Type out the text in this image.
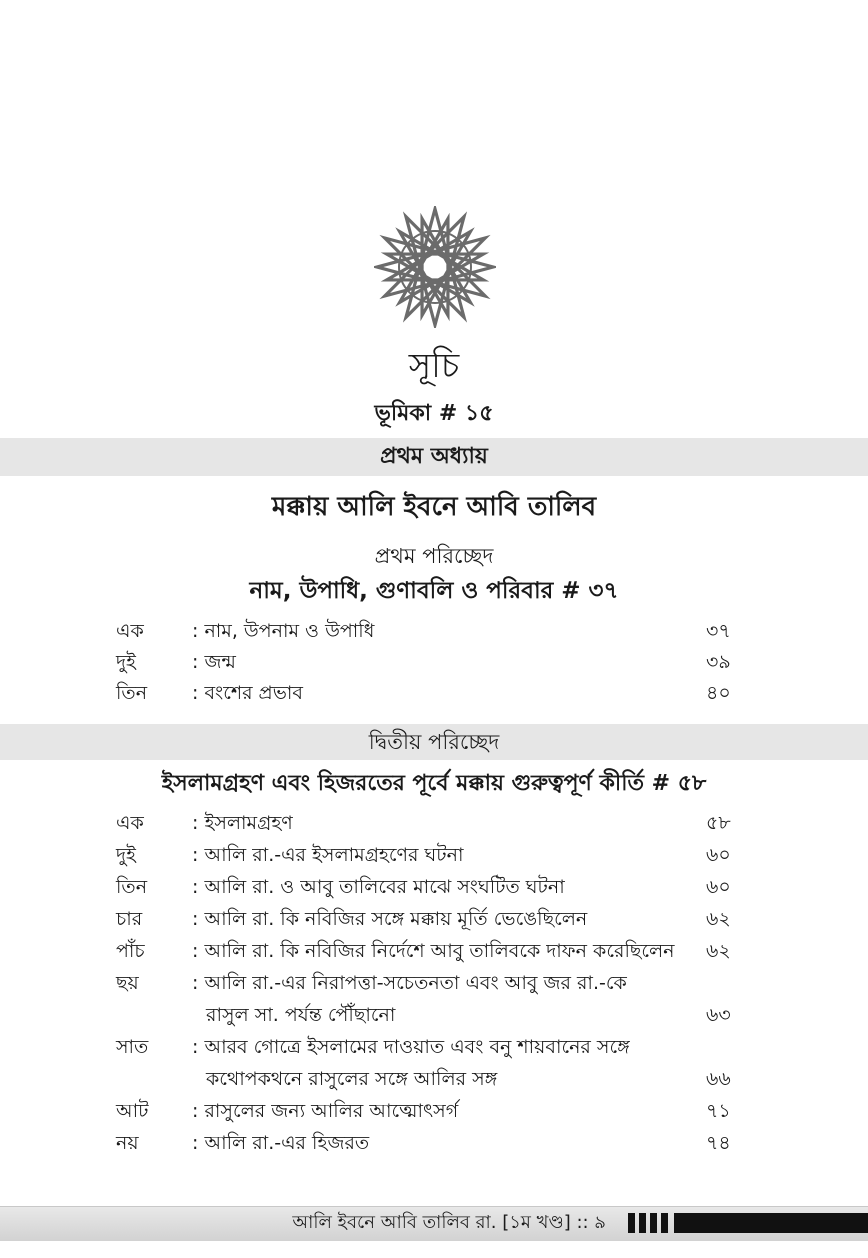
সূচি
ভূমিকা # ১৫
প্রথম অধ্যায়
মক্কায় আলি ইবনে আবি তালিব
প্রথম পরিচ্ছেদ
নাম, উপাধি, গুণাবলি ও পরিবার # ৩৭
এক	: নাম, উপনাম ও উপাধি	৩৭
দুই	: জন্ম	৩৯
তিন : বংশের প্রভাব	৪০
দ্বিতীয় পরিচ্ছেদ
ইসলামগ্রহণ এবং হিজরতের পূর্বে মক্কায় গুরুত্বপূর্ণ কীর্তি # ৫৮
এক	: ইসলামগ্রহণ	৫৮
দুই	: আলি রা.-এর ইসলামগ্রহণের ঘটনা	৬০
তিন : আলি রা. ও আবু তালিবের মাঝে সংঘটিত ঘটনা	৬০
চার	: আলি রা. কি নবিজির সঙ্গে মক্কায় মূর্তি ভেঙেছিলেন	৬২
পাঁচ : আলি রা. কি নবিজির নির্দেশে আবু তালিবকে দাফন করেছিলেন ৬২
ছয়	: আলি রা.-এর নিরাপত্তা-সচেতনতা এবং আবু জর রা.-কে
রাসুল সা. পর্যন্ত পৌঁছানো	৬৩
সাত : আরব গোত্রে ইসলামের দাওয়াত এবং বনু শায়বানের সঙ্গে
কথোপকথনে রাসুলের সঙ্গে আলির সঙ্গ	৬৬
আট : রাসুলের জন্য আলির আত্মোৎসর্গ	৭১
নয়	: আলি রা.-এর হিজরত	৭৪
আলি ইবনে আবি তালিব রা. [১ম খণ্ড] :: ৯
